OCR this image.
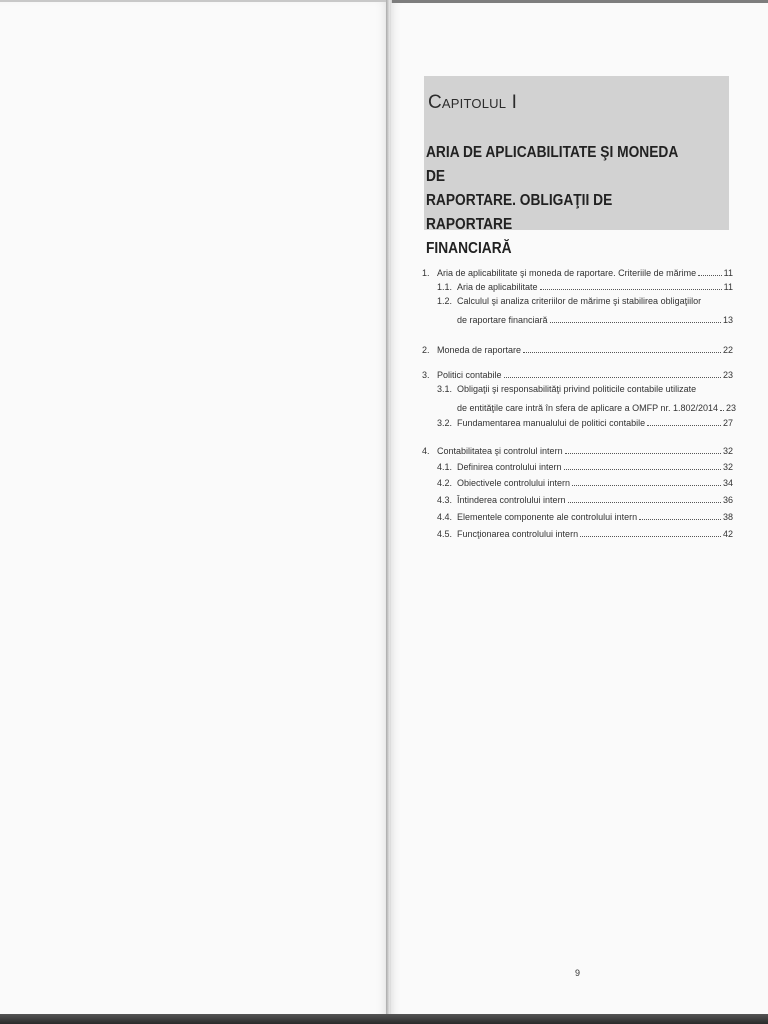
Capitolul I
ARIA DE APLICABILITATE ŞI MONEDA DE
RAPORTARE. OBLIGAŢII DE RAPORTARE
FINANCIARĂ
1. Aria de aplicabilitate şi moneda de raportare. Criteriile de mărime	11
1.1. Aria de aplicabilitate	11
1.2. Calculul şi analiza criteriilor de mărime şi stabilirea obligaţiilor
de raportare financiară	13
2. Moneda de raportare	22
3. Politici contabile	23
3.1. Obligaţii şi responsabilităţi privind politicile contabile utilizate
de entităţile care intră în sfera de aplicare a OMFP nr. 1.802/2014 23
3.2. Fundamentarea manualului de politici contabile	27
4. Contabilitatea şi controlul intern	32
4.1. Definirea controlului intern	32
4.2. Obiectivele controlului intern	34
4.3. Întinderea controlului intern	36
4.4. Elementele componente ale controlului intern	38
4.5. Funcţionarea controlului intern	42
9
